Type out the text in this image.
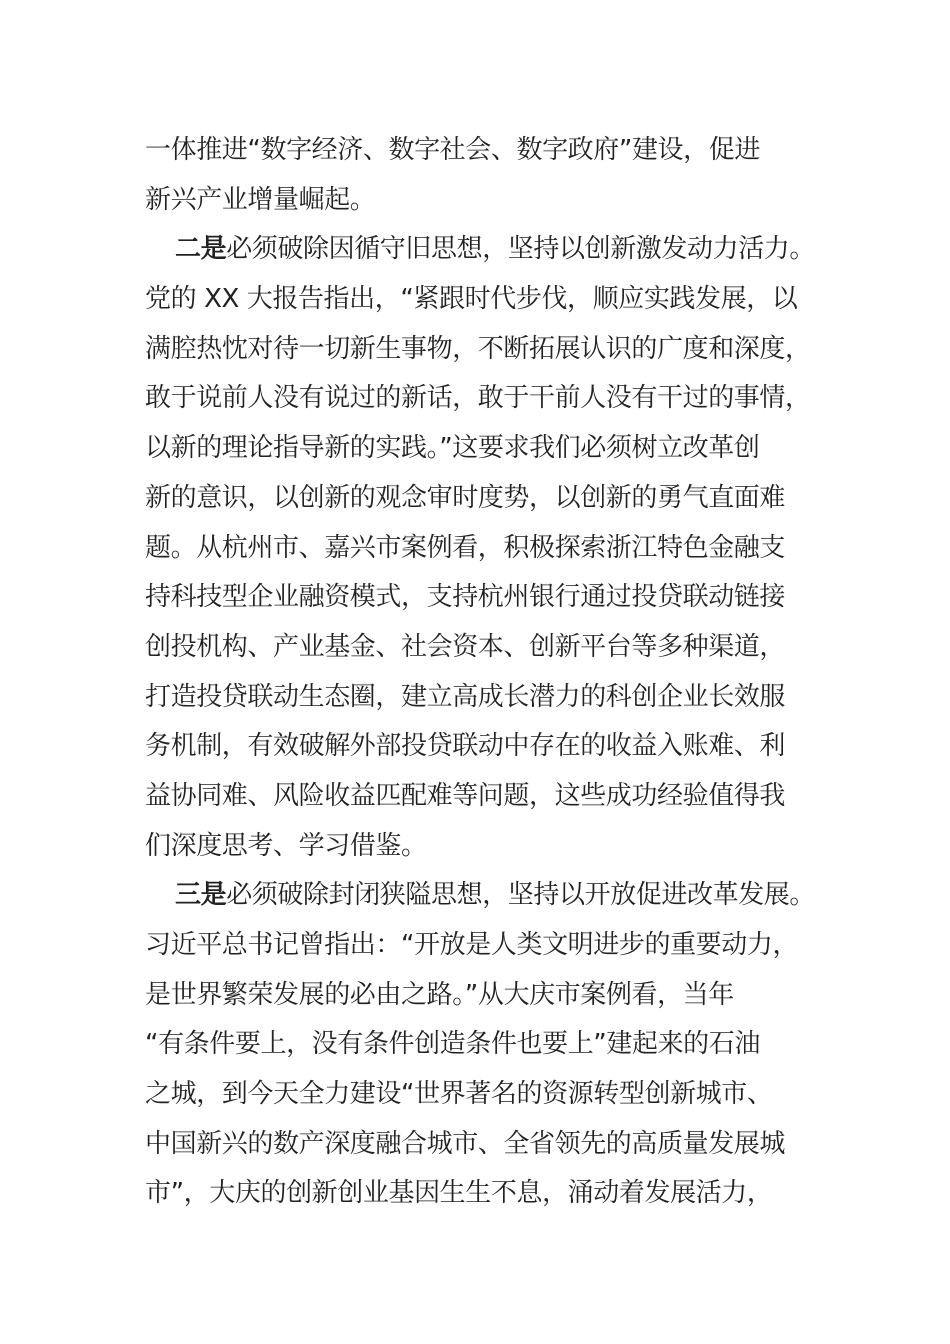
一体推进“数字经济、数字社会、数字政府”建设，促进
新兴产业增量崛起。
二是必须破除因循守旧思想，坚持以创新激发动力活力。
党的 XX 大报告指出，“紧跟时代步伐，顺应实践发展，以
满腔热忱对待一切新生事物，不断拓展认识的广度和深度，
敢于说前人没有说过的新话，敢于干前人没有干过的事情，
以新的理论指导新的实践。”这要求我们必须树立改革创
新的意识，以创新的观念审时度势，以创新的勇气直面难
题。从杭州市、嘉兴市案例看，积极探索浙江特色金融支
持科技型企业融资模式，支持杭州银行通过投贷联动链接
创投机构、产业基金、社会资本、创新平台等多种渠道，
打造投贷联动生态圈，建立高成长潜力的科创企业长效服
务机制，有效破解外部投贷联动中存在的收益入账难、利
益协同难、风险收益匹配难等问题，这些成功经验值得我
们深度思考、学习借鉴。
三是必须破除封闭狭隘思想，坚持以开放促进改革发展。
习近平总书记曾指出：“开放是人类文明进步的重要动力，
是世界繁荣发展的必由之路。”从大庆市案例看，当年
“有条件要上，没有条件创造条件也要上”建起来的石油
之城，到今天全力建设“世界著名的资源转型创新城市、
中国新兴的数产深度融合城市、全省领先的高质量发展城
市”，大庆的创新创业基因生生不息，涌动着发展活力，
